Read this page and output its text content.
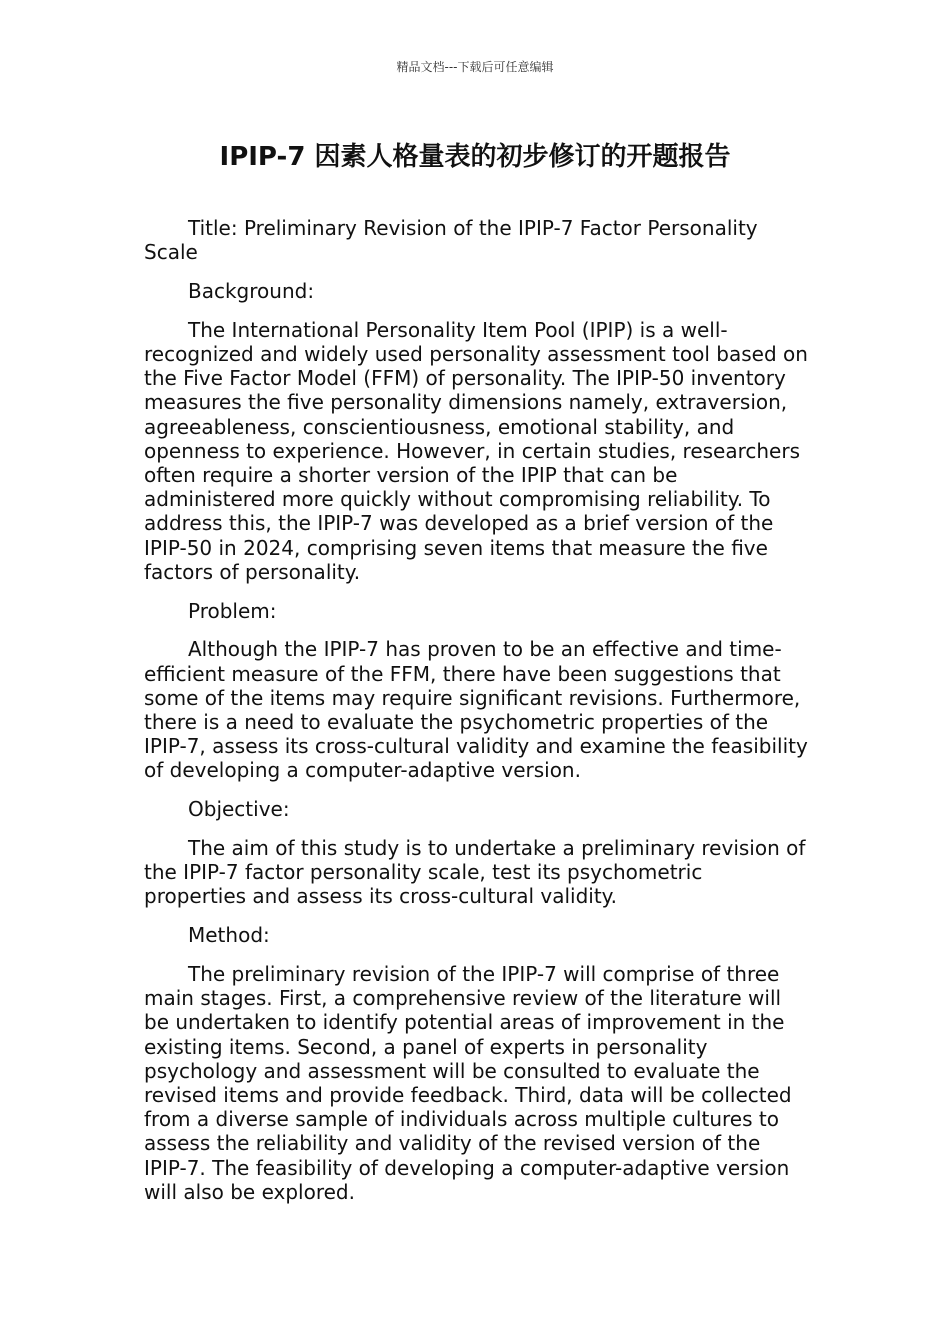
精品文档---下载后可任意编辑
IPIP-7 因素人格量表的初步修订的开题报告

Title: Preliminary Revision of the IPIP-7 Factor Personality Scale

Background:

The International Personality Item Pool (IPIP) is a well-recognized and widely used personality assessment tool based on the Five Factor Model (FFM) of personality. The IPIP-50 inventory measures the five personality dimensions namely, extraversion, agreeableness, conscientiousness, emotional stability, and openness to experience. However, in certain studies, researchers often require a shorter version of the IPIP that can be administered more quickly without compromising reliability. To address this, the IPIP-7 was developed as a brief version of the IPIP-50 in 2024, comprising seven items that measure the five factors of personality.

Problem:

Although the IPIP-7 has proven to be an effective and time-efficient measure of the FFM, there have been suggestions that some of the items may require significant revisions. Furthermore, there is a need to evaluate the psychometric properties of the IPIP-7, assess its cross-cultural validity and examine the feasibility of developing a computer-adaptive version.

Objective:

The aim of this study is to undertake a preliminary revision of the IPIP-7 factor personality scale, test its psychometric properties and assess its cross-cultural validity.

Method:

The preliminary revision of the IPIP-7 will comprise of three main stages. First, a comprehensive review of the literature will be undertaken to identify potential areas of improvement in the existing items. Second, a panel of experts in personality psychology and assessment will be consulted to evaluate the revised items and provide feedback. Third, data will be collected from a diverse sample of individuals across multiple cultures to assess the reliability and validity of the revised version of the IPIP-7. The feasibility of developing a computer-adaptive version will also be explored.
